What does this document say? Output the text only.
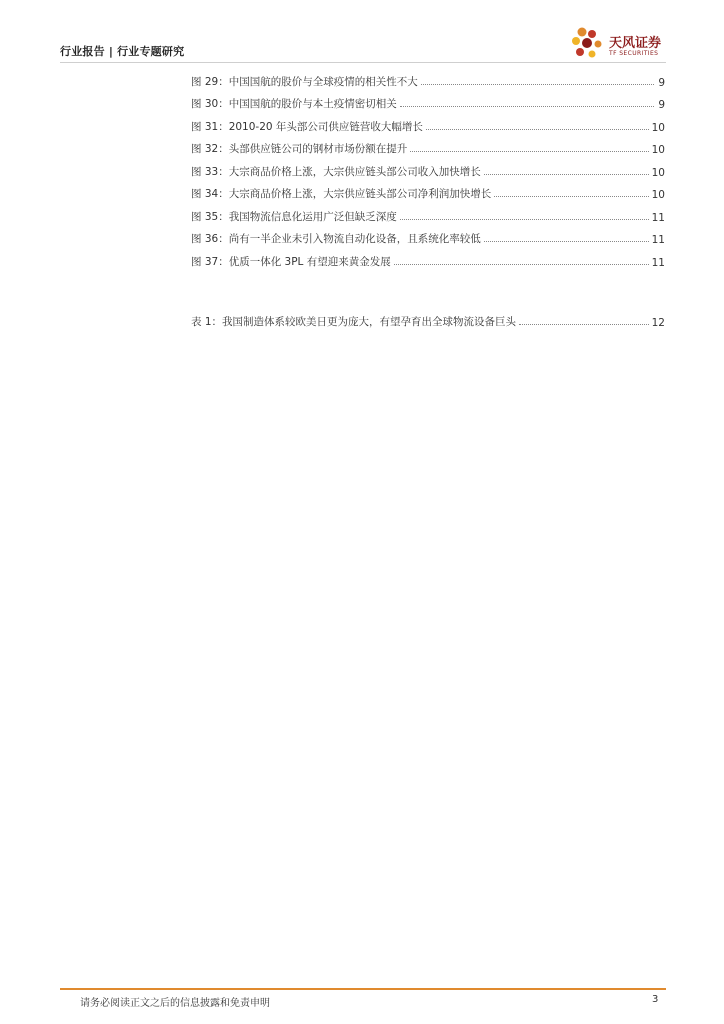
行业报告 | 行业专题研究
天风证券
TF SECURITIES
图 29：中国国航的股价与全球疫情的相关性不大	9
图 30：中国国航的股价与本土疫情密切相关	9
图 31：2010-20 年头部公司供应链营收大幅增长	10
图 32：头部供应链公司的钢材市场份额在提升	10
图 33：大宗商品价格上涨，大宗供应链头部公司收入加快增长	10
图 34：大宗商品价格上涨，大宗供应链头部公司净利润加快增长	10
图 35：我国物流信息化运用广泛但缺乏深度	11
图 36：尚有一半企业未引入物流自动化设备，且系统化率较低	11
图 37：优质一体化 3PL 有望迎来黄金发展	11
表 1：我国制造体系较欧美日更为庞大，有望孕育出全球物流设备巨头	12
请务必阅读正文之后的信息披露和免责申明	3
